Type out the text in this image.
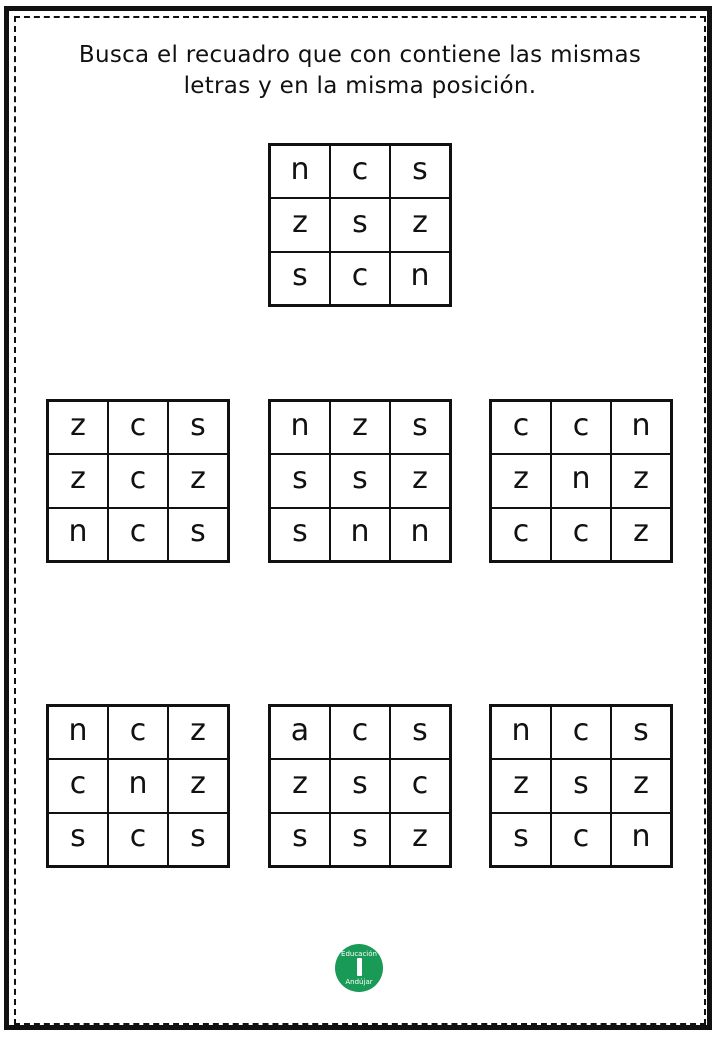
Busca el recuadro que con contiene las mismas
letras y en la misma posición.
n	c	s
z	s	z
s	c	n
z	c	s
z	c	z
n	c	s
n	z	s
s	s	z
s	n	n
c	c	n
z	n	z
c	c	z
n	c	z
c	n	z
s	c	s
a	c	s
z	s	c
s	s	z
n	c	s
z	s	z
s	c	n
Educación
Andújar
